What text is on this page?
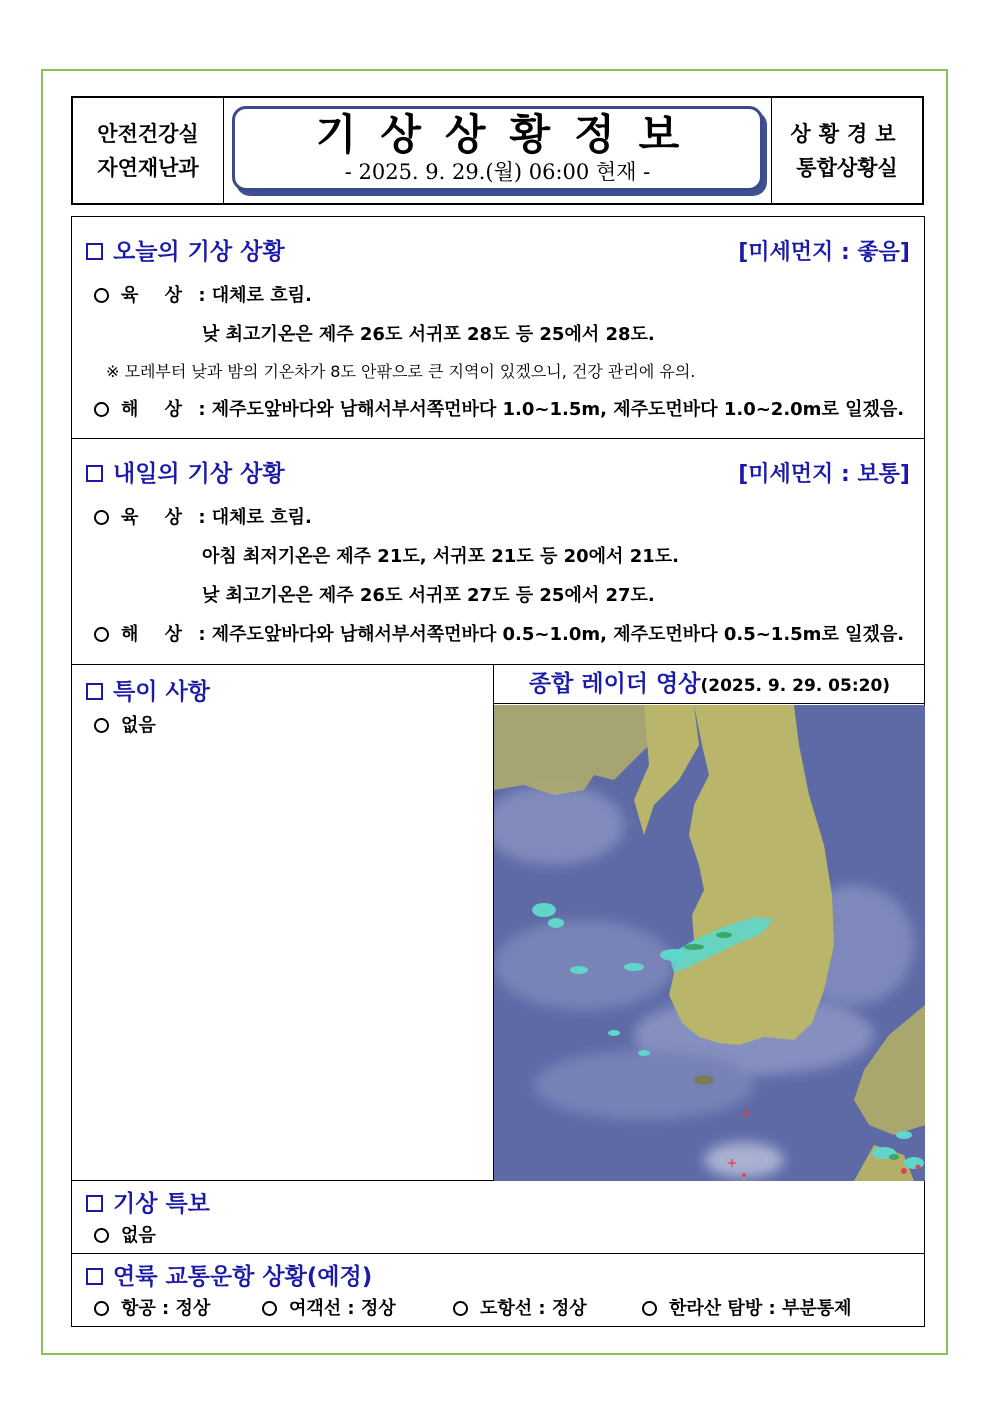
안전건강실
자연재난과
기상상황정보
- 2025. 9. 29.(월) 06:00 현재 -
상황경보
통합상황실
오늘의 기상 상황	[미세먼지 : 좋음]
육 상 : 대체로 흐림.
낮 최고기온은 제주 26도 서귀포 28도 등 25에서 28도.
※ 모레부터 낮과 밤의 기온차가 8도 안팎으로 큰 지역이 있겠으니, 건강 관리에 유의.
해 상 : 제주도앞바다와 남해서부서쪽먼바다 1.0~1.5m, 제주도먼바다 1.0~2.0m로 일겠음.
내일의 기상 상황	[미세먼지 : 보통]
육 상 : 대체로 흐림.
아침 최저기온은 제주 21도, 서귀포 21도 등 20에서 21도.
낮 최고기온은 제주 26도 서귀포 27도 등 25에서 27도.
해 상 : 제주도앞바다와 남해서부서쪽먼바다 0.5~1.0m, 제주도먼바다 0.5~1.5m로 일겠음.
특이 사항
없음
종합 레이더 영상(2025. 9. 29. 05:20)
기상 특보
없음
연륙 교통운항 상황(예정)
항공 : 정상	여객선 : 정상	도항선 : 정상	한라산 탐방 : 부분통제
